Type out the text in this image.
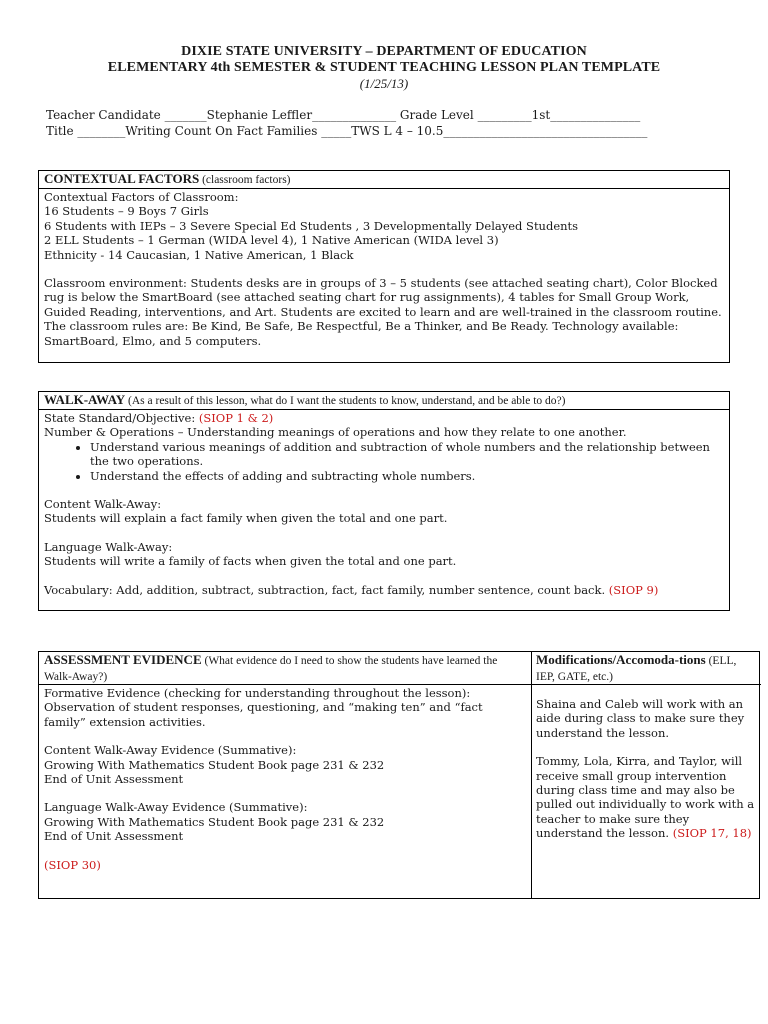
DIXIE STATE UNIVERSITY – DEPARTMENT OF EDUCATION
ELEMENTARY 4th SEMESTER & STUDENT TEACHING LESSON PLAN TEMPLATE
(1/25/13)
Teacher Candidate _______Stephanie Leffler______________ Grade Level _________1st_______________
Title ________Writing Count On Fact Families _____TWS L 4 – 10.5__________________________________
CONTEXTUAL FACTORS (classroom factors)

Contextual Factors of Classroom:

16 Students – 9 Boys 7 Girls

6 Students with IEPs – 3 Severe Special Ed Students , 3 Developmentally Delayed Students

2 ELL Students – 1 German (WIDA level 4), 1 Native American (WIDA level 3)

Ethnicity - 14 Caucasian, 1 Native American, 1 Black

Classroom environment: Students desks are in groups of 3 – 5 students (see attached seating chart), Color Blocked rug is below the SmartBoard (see attached seating chart for rug assignments), 4 tables for Small Group Work, Guided Reading, interventions, and Art. Students are excited to learn and are well-trained in the classroom routine. The classroom rules are: Be Kind, Be Safe, Be Respectful, Be a Thinker, and Be Ready. Technology available: SmartBoard, Elmo, and 5 computers.

WALK-AWAY (As a result of this lesson, what do I want the students to know, understand, and be able to do?)

State Standard/Objective: (SIOP 1 & 2)

Number & Operations – Understanding meanings of operations and how they relate to one another.

• Understand various meanings of addition and subtraction of whole numbers and the relationship between the two operations.
• Understand the effects of adding and subtracting whole numbers.

Content Walk-Away:

Students will explain a fact family when given the total and one part.

Language Walk-Away:

Students will write a family of facts when given the total and one part.

Vocabulary: Add, addition, subtract, subtraction, fact, fact family, number sentence, count back. (SIOP 9)

ASSESSMENT EVIDENCE (What evidence do I need to show the students have learned the Walk-Away?)

Formative Evidence (checking for understanding throughout the lesson):

Observation of student responses, questioning, and “making ten” and “fact family” extension activities.

Content Walk-Away Evidence (Summative):

Growing With Mathematics Student Book page 231 & 232

End of Unit Assessment

Language Walk-Away Evidence (Summative):

Growing With Mathematics Student Book page 231 & 232

End of Unit Assessment

(SIOP 30)

Modifications/Accomoda-tions (ELL, IEP, GATE, etc.)

Shaina and Caleb will work with an aide during class to make sure they understand the lesson.

Tommy, Lola, Kirra, and Taylor, will receive small group intervention during class time and may also be pulled out individually to work with a teacher to make sure they understand the lesson. (SIOP 17, 18)
